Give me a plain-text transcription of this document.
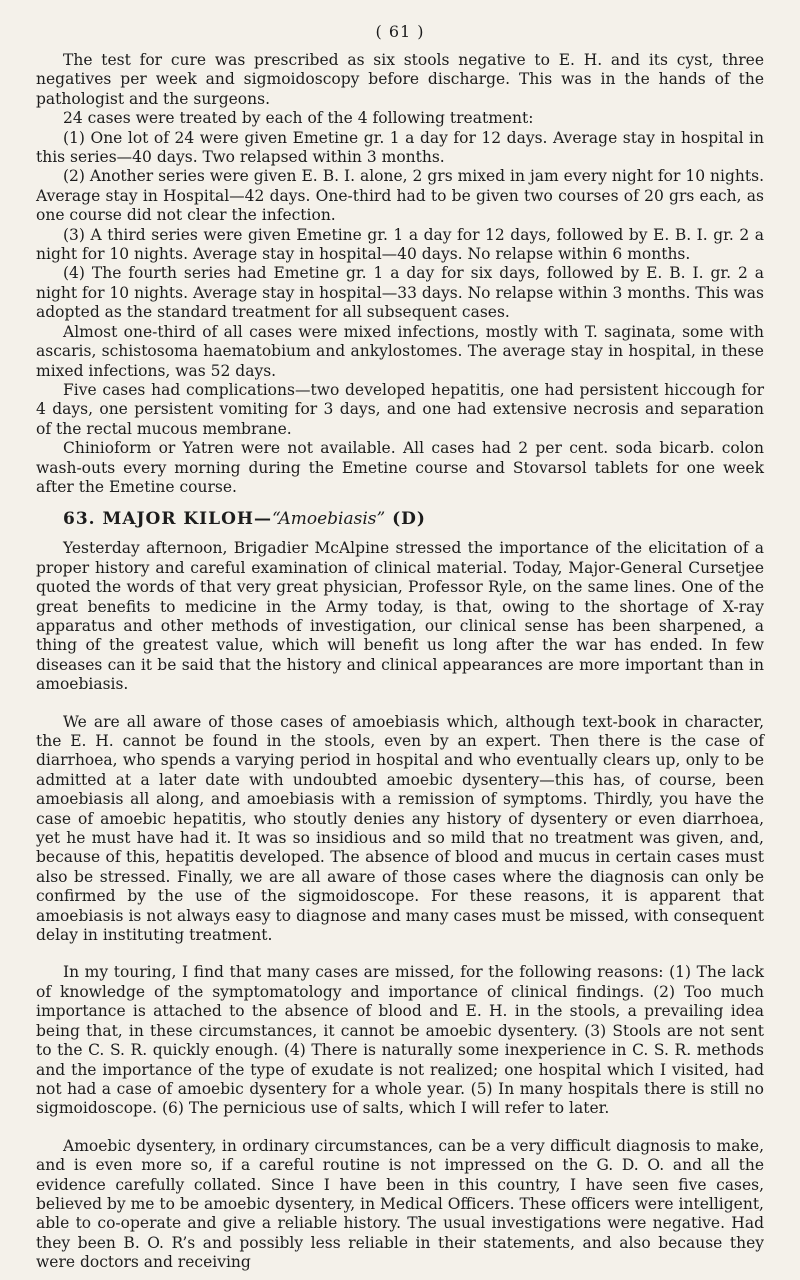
( 61 )

The test for cure was prescribed as six stools negative to E. H. and its cyst, three negatives per week and sigmoidoscopy before discharge. This was in the hands of the pathologist and the surgeons.

24 cases were treated by each of the 4 following treatment:

(1) One lot of 24 were given Emetine gr. 1 a day for 12 days. Average stay in hospital in this series—40 days. Two relapsed within 3 months.

(2) Another series were given E. B. I. alone, 2 grs mixed in jam every night for 10 nights. Average stay in Hospital—42 days. One-third had to be given two courses of 20 grs each, as one course did not clear the infection.

(3) A third series were given Emetine gr. 1 a day for 12 days, followed by E. B. I. gr. 2 a night for 10 nights. Average stay in hospital—40 days. No relapse within 6 months.

(4) The fourth series had Emetine gr. 1 a day for six days, followed by E. B. I. gr. 2 a night for 10 nights. Average stay in hospital—33 days. No relapse within 3 months. This was adopted as the standard treatment for all subsequent cases.

Almost one-third of all cases were mixed infections, mostly with T. saginata, some with ascaris, schistosoma haematobium and ankylostomes. The average stay in hospital, in these mixed infections, was 52 days.

Five cases had complications—two developed hepatitis, one had persistent hiccough for 4 days, one persistent vomiting for 3 days, and one had extensive necrosis and separation of the rectal mucous membrane.

Chinioform or Yatren were not available. All cases had 2 per cent. soda bicarb. colon wash-outs every morning during the Emetine course and Stovarsol tablets for one week after the Emetine course.

63. MAJOR KILOH—“Amoebiasis” (D)

Yesterday afternoon, Brigadier McAlpine stressed the importance of the elicitation of a proper history and careful examination of clinical material. Today, Major-General Cursetjee quoted the words of that very great physician, Professor Ryle, on the same lines. One of the great benefits to medicine in the Army today, is that, owing to the shortage of X-ray apparatus and other methods of investigation, our clinical sense has been sharpened, a thing of the greatest value, which will benefit us long after the war has ended. In few diseases can it be said that the history and clinical appearances are more important than in amoebiasis.

We are all aware of those cases of amoebiasis which, although text-book in character, the E. H. cannot be found in the stools, even by an expert. Then there is the case of diarrhoea, who spends a varying period in hospital and who eventually clears up, only to be admitted at a later date with undoubted amoebic dysentery—this has, of course, been amoebiasis all along, and amoebiasis with a remission of symptoms. Thirdly, you have the case of amoebic hepatitis, who stoutly denies any history of dysentery or even diarrhoea, yet he must have had it. It was so insidious and so mild that no treatment was given, and, because of this, hepatitis developed. The absence of blood and mucus in certain cases must also be stressed. Finally, we are all aware of those cases where the diagnosis can only be confirmed by the use of the sigmoidoscope. For these reasons, it is apparent that amoebiasis is not always easy to diagnose and many cases must be missed, with consequent delay in instituting treatment.

In my touring, I find that many cases are missed, for the following reasons: (1) The lack of knowledge of the symptomatology and importance of clinical findings. (2) Too much importance is attached to the absence of blood and E. H. in the stools, a prevailing idea being that, in these circumstances, it cannot be amoebic dysentery. (3) Stools are not sent to the C. S. R. quickly enough. (4) There is naturally some inexperience in C. S. R. methods and the importance of the type of exudate is not realized; one hospital which I visited, had not had a case of amoebic dysentery for a whole year. (5) In many hospitals there is still no sigmoidoscope. (6) The pernicious use of salts, which I will refer to later.

Amoebic dysentery, in ordinary circumstances, can be a very difficult diagnosis to make, and is even more so, if a careful routine is not impressed on the G. D. O. and all the evidence carefully collated. Since I have been in this country, I have seen five cases, believed by me to be amoebic dysentery, in Medical Officers. These officers were intelligent, able to co-operate and give a reliable history. The usual investigations were negative. Had they been B. O. R’s and possibly less reliable in their statements, and also because they were doctors and receiving
